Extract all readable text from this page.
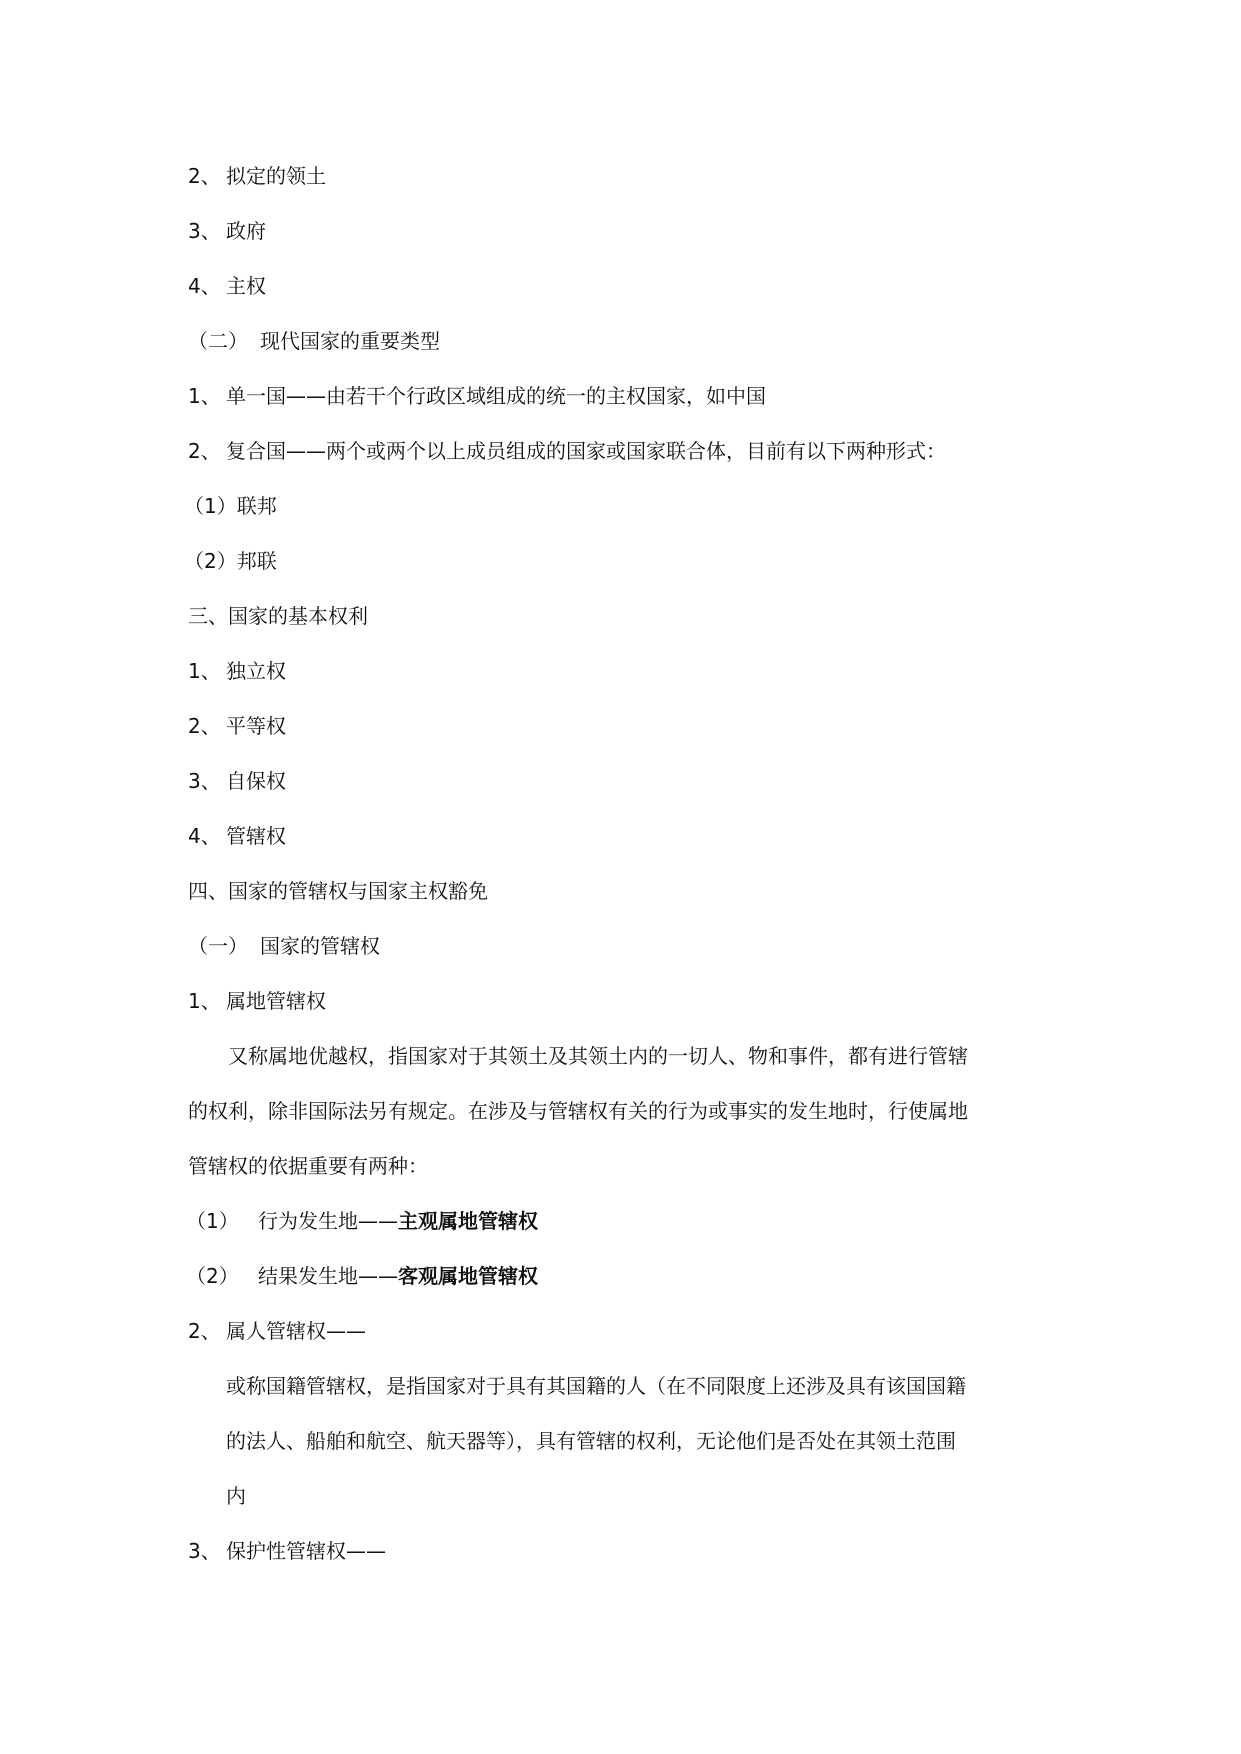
2、 拟定的领土
3、 政府
4、 主权
（二） 现代国家的重要类型
1、 单一国——由若干个行政区域组成的统一的主权国家，如中国
2、 复合国——两个或两个以上成员组成的国家或国家联合体，目前有以下两种形式：
（1）联邦
（2）邦联
三、国家的基本权利
1、 独立权
2、 平等权
3、 自保权
4、 管辖权
四、国家的管辖权与国家主权豁免
（一） 国家的管辖权
1、 属地管辖权
又称属地优越权，指国家对于其领土及其领土内的一切人、物和事件，都有进行管辖
的权利，除非国际法另有规定。在涉及与管辖权有关的行为或事实的发生地时，行使属地
管辖权的依据重要有两种：
（1） 行为发生地——主观属地管辖权
（2） 结果发生地——客观属地管辖权
2、 属人管辖权——
或称国籍管辖权，是指国家对于具有其国籍的人（在不同限度上还涉及具有该国国籍
的法人、船舶和航空、航天器等），具有管辖的权利，无论他们是否处在其领土范围
内
3、 保护性管辖权——
